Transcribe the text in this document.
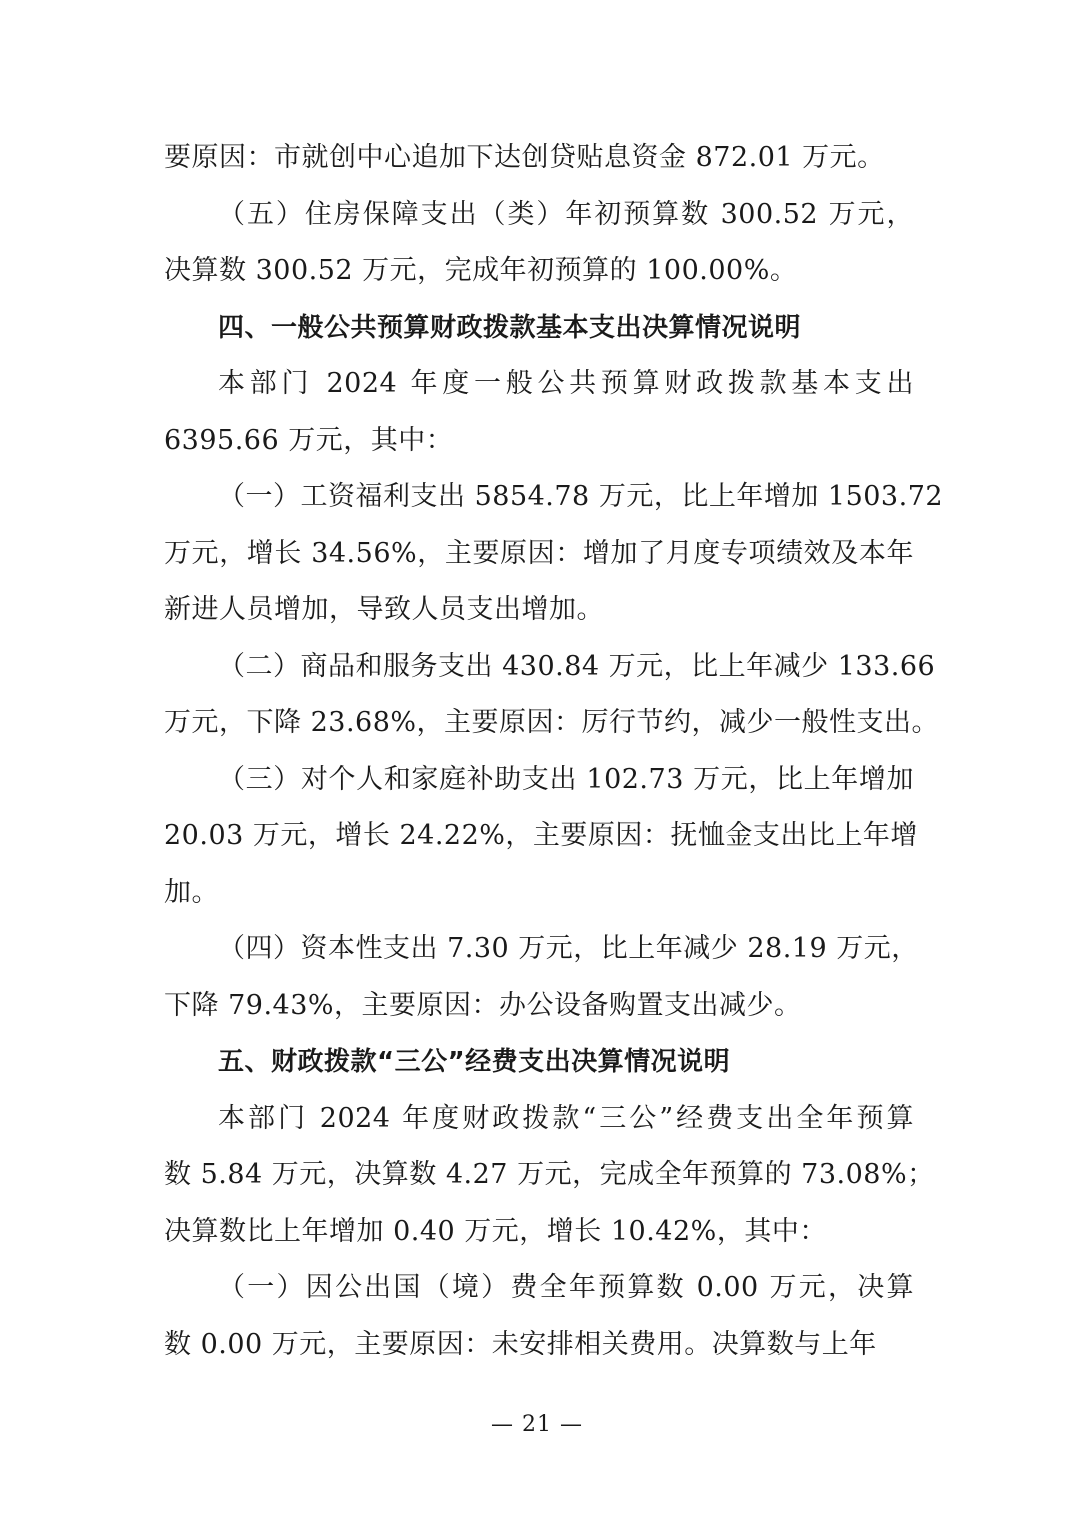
要原因：市就创中心追加下达创贷贴息资金 872.01 万元。
（五）住房保障支出（类）年初预算数 300.52 万元，
决算数 300.52 万元，完成年初预算的 100.00%。
四、一般公共预算财政拨款基本支出决算情况说明
本部门 2024 年度一般公共预算财政拨款基本支出
6395.66 万元，其中：
（一）工资福利支出 5854.78 万元，比上年增加 1503.72
万元，增长 34.56%，主要原因：增加了月度专项绩效及本年
新进人员增加，导致人员支出增加。
（二）商品和服务支出 430.84 万元，比上年减少 133.66
万元，下降 23.68%，主要原因：厉行节约，减少一般性支出。
（三）对个人和家庭补助支出 102.73 万元，比上年增加
20.03 万元，增长 24.22%，主要原因：抚恤金支出比上年增
加。
（四）资本性支出 7.30 万元，比上年减少 28.19 万元，
下降 79.43%，主要原因：办公设备购置支出减少。
五、财政拨款“三公”经费支出决算情况说明
本部门 2024 年度财政拨款“三公”经费支出全年预算
数 5.84 万元，决算数 4.27 万元，完成全年预算的 73.08%；
决算数比上年增加 0.40 万元，增长 10.42%，其中：
（一）因公出国（境）费全年预算数 0.00 万元，决算
数 0.00 万元，主要原因：未安排相关费用。决算数与上年
— 21 —
